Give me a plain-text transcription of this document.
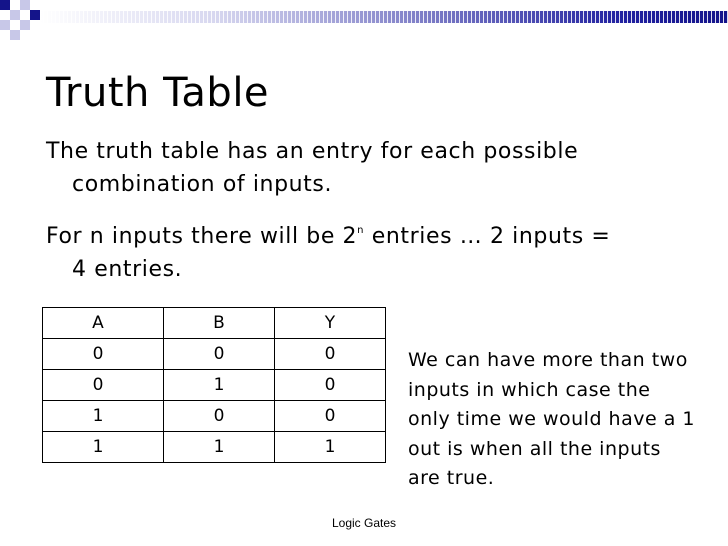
Truth Table
The truth table has an entry for each possible
combination of inputs.
For n inputs there will be 2$^n$ entries … 2 inputs =
4 entries.
A	B	Y
0	0	0
0	1	0
1	0	0
1	1	1
We can have more than two inputs in which case the only time we would have a 1 out is when all the inputs are true.
Logic Gates
